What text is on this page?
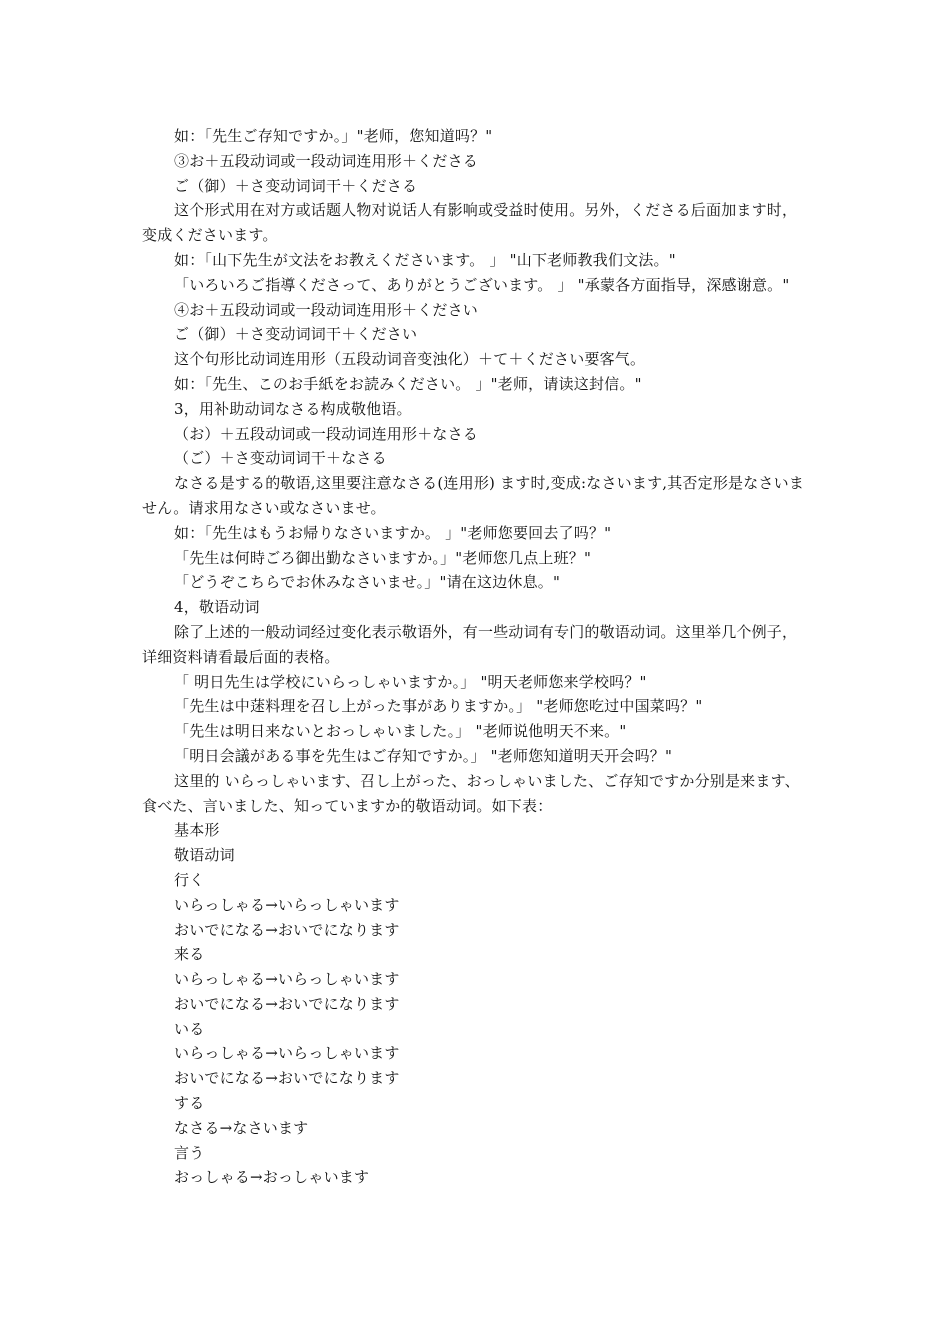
如：「先生ご存知ですか。」"老师，您知道吗？"

③お＋五段动词或一段动词连用形＋くださる

ご（御）＋さ变动词词干＋くださる

这个形式用在对方或话题人物对说话人有影响或受益时使用。另外，くださる后面加ます时，变成くださいます。

如：「山下先生が文法をお教えくださいます。 」 "山下老师教我们文法。"

「いろいろご指導くださって、ありがとうございます。 」 "承蒙各方面指导，深感谢意。"

④お＋五段动词或一段动词连用形＋ください

ご（御）＋さ变动词词干＋ください

这个句形比动词连用形（五段动词音变浊化）＋て＋ください要客气。

如：「先生、このお手紙をお読みください。 」"老师，请读这封信。"

3，用补助动词なさる构成敬他语。

（お）＋五段动词或一段动词连用形＋なさる

（ご）＋さ变动词词干＋なさる

なさる是する的敬语,这里要注意なさる(连用形) ます时,变成:なさいます,其否定形是なさいません。请求用なさい或なさいませ。

如：「先生はもうお帰りなさいますか。 」"老师您要回去了吗？"

「先生は何時ごろ御出勤なさいますか。」"老师您几点上班？"

「どうぞこちらでお休みなさいませ。」"请在这边休息。"

4，敬语动词

除了上述的一般动词经过变化表示敬语外，有一些动词有专门的敬语动词。这里举几个例子，详细资料请看最后面的表格。

「 明日先生は学校にいらっしゃいますか。」 "明天老师您来学校吗？"

「先生は中蒁料理を召し上がった事がありますか。」 "老师您吃过中国菜吗？"

「先生は明日来ないとおっしゃいました。」 "老师说他明天不来。"

「明日会議がある事を先生はご存知ですか。」 "老师您知道明天开会吗？"

这里的 いらっしゃいます、召し上がった、おっしゃいました、ご存知ですか分别是来ます、食べた、言いました、知っていますか的敬语动词。如下表：

基本形

敬语动词

行く

いらっしゃる→いらっしゃいます

おいでになる→おいでになります

来る

いらっしゃる→いらっしゃいます

おいでになる→おいでになります

いる

いらっしゃる→いらっしゃいます

おいでになる→おいでになります

する

なさる→なさいます

言う

おっしゃる→おっしゃいます
